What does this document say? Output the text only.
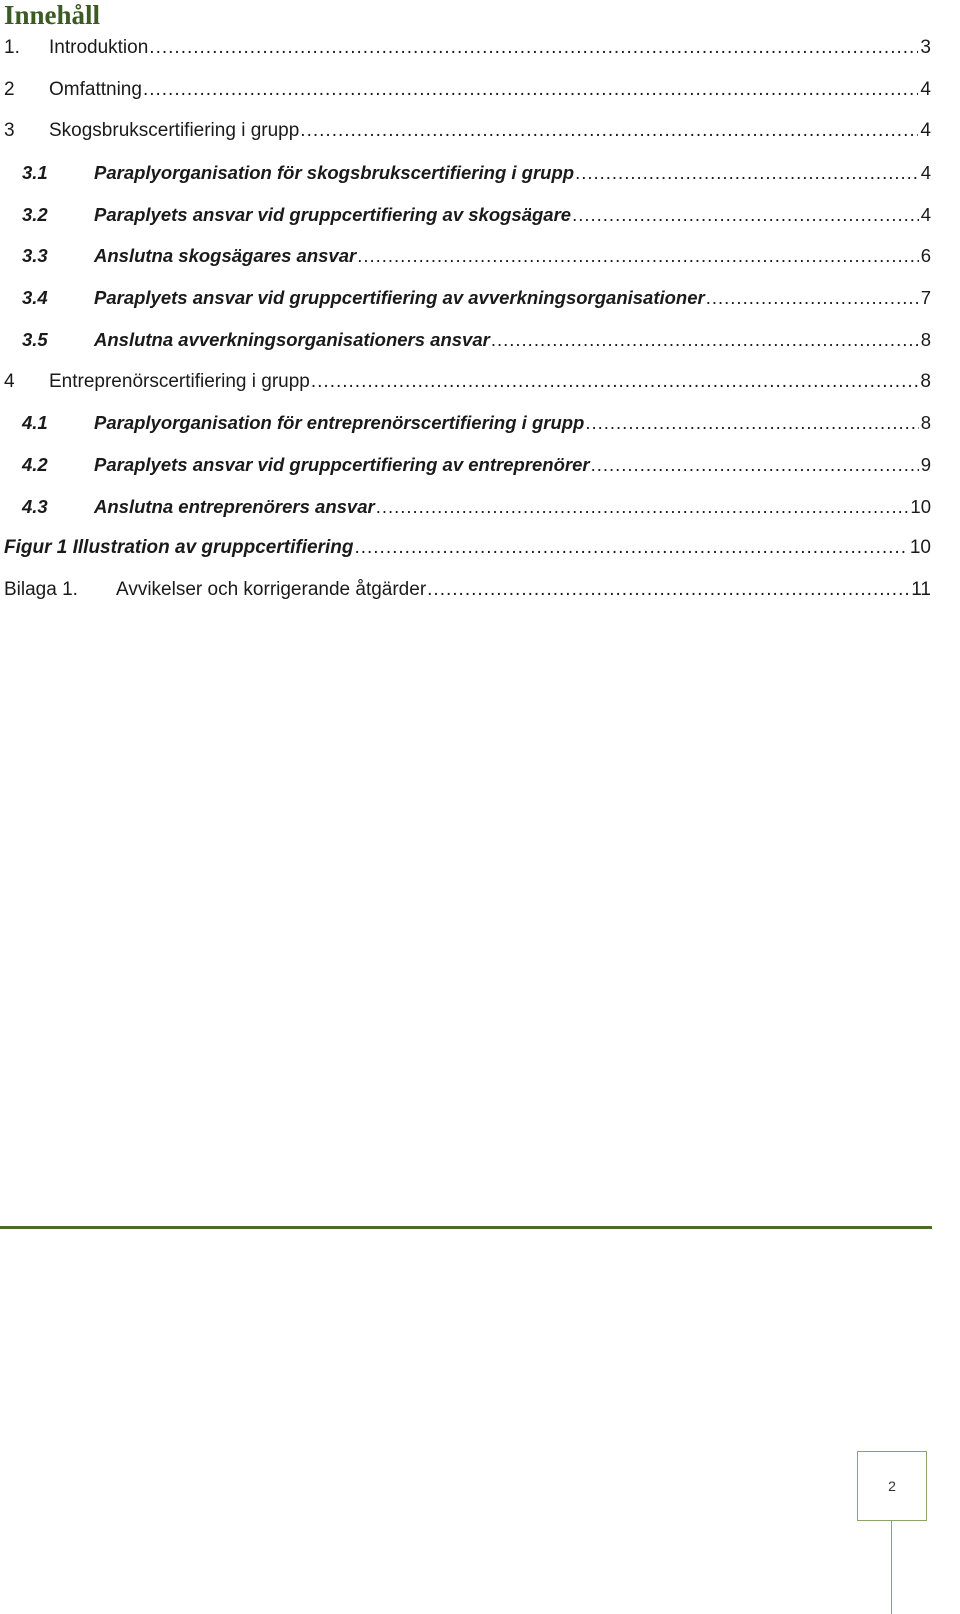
Innehåll
1.	Introduktion .....	3
2	Omfattning .....	4
3	Skogsbrukscertifiering i grupp .....	4
3.1	Paraplyorganisation för skogsbrukscertifiering i grupp .....	4
3.2	Paraplyets ansvar vid gruppcertifiering av skogsägare .....	4
3.3	Anslutna skogsägares ansvar .....	6
3.4	Paraplyets ansvar vid gruppcertifiering av avverkningsorganisationer .....	7
3.5	Anslutna avverkningsorganisationers ansvar .....	8
4	Entreprenörscertifiering i grupp .....	8
4.1	Paraplyorganisation för entreprenörscertifiering i grupp .....	8
4.2	Paraplyets ansvar vid gruppcertifiering av entreprenörer .....	9
4.3	Anslutna entreprenörers ansvar .....	10
Figur 1 Illustration av gruppcertifiering .....	10
Bilaga 1.	Avvikelser och korrigerande åtgärder .....	11
2
